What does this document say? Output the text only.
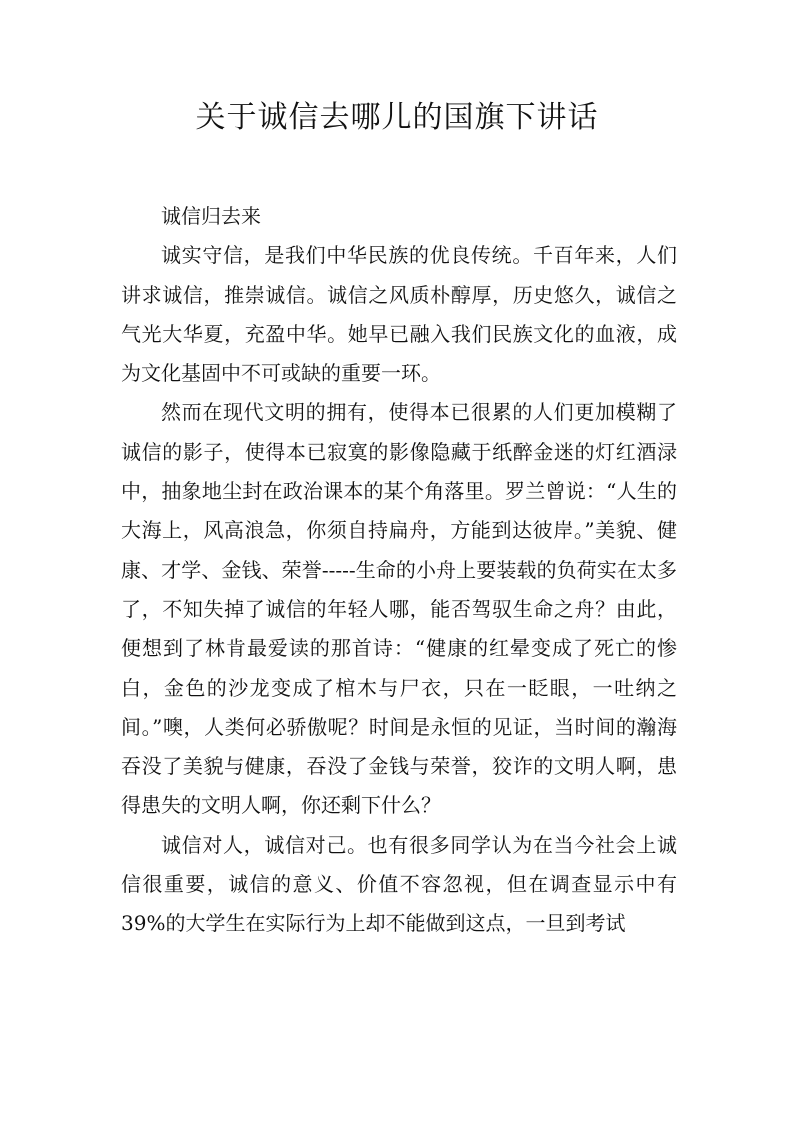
关于诚信去哪儿的国旗下讲话

诚信归去来

诚实守信，是我们中华民族的优良传统。千百年来，人们讲求诚信，推崇诚信。诚信之风质朴醇厚，历史悠久，诚信之气光大华夏，充盈中华。她早已融入我们民族文化的血液，成为文化基固中不可或缺的重要一环。

然而在现代文明的拥有，使得本已很累的人们更加模糊了诚信的影子，使得本已寂寞的影像隐藏于纸醉金迷的灯红酒渌中，抽象地尘封在政治课本的某个角落里。罗兰曾说：“人生的大海上，风高浪急，你须自持扁舟，方能到达彼岸。”美貌、健康、才学、金钱、荣誉-----生命的小舟上要装载的负荷实在太多了，不知失掉了诚信的年轻人哪，能否驾驭生命之舟？由此，便想到了林肯最爱读的那首诗：“健康的红晕变成了死亡的惨白，金色的沙龙变成了棺木与尸衣，只在一眨眼，一吐纳之间。”噢，人类何必骄傲呢？时间是永恒的见证，当时间的瀚海吞没了美貌与健康，吞没了金钱与荣誉，狡诈的文明人啊，患得患失的文明人啊，你还剩下什么？

诚信对人，诚信对己。也有很多同学认为在当今社会上诚信很重要，诚信的意义、价值不容忽视，但在调查显示中有39%的大学生在实际行为上却不能做到这点，一旦到考试
